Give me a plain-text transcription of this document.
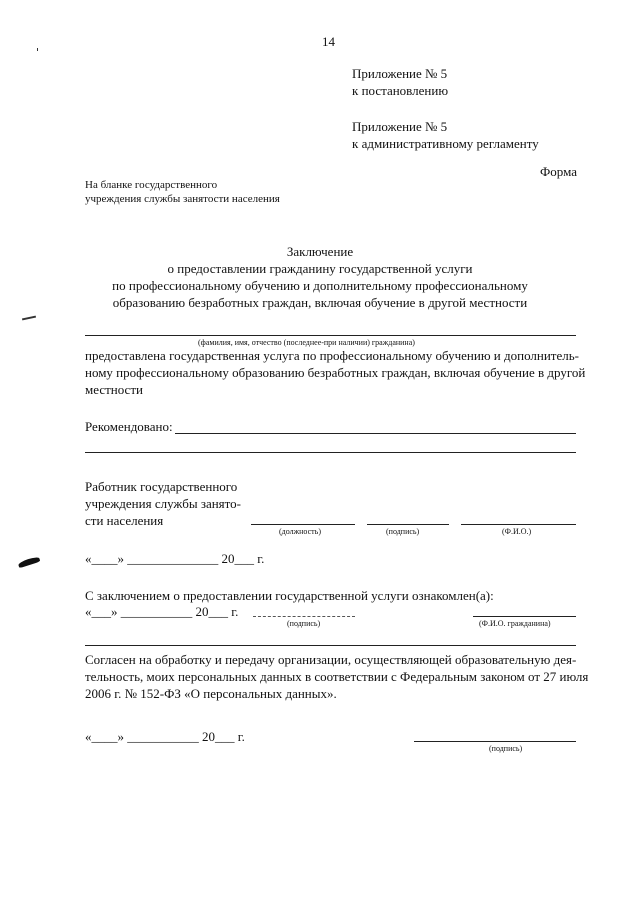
14
Приложение № 5
к постановлению
Приложение № 5
к административному регламенту
Форма
На бланке государственного
учреждения службы занятости населения
Заключение
о предоставлении гражданину государственной услуги
по профессиональному обучению и дополнительному профессиональному
образованию безработных граждан, включая обучение в другой местности
(фамилия, имя, отчество (последнее-при наличии) гражданина)
предоставлена государственная услуга по профессиональному обучению и дополнитель-
ному профессиональному образованию безработных граждан, включая обучение в другой
местности
Рекомендовано:
Работник государственного
учреждения службы занято-
сти населения
(должность)	(подпись)	(Ф.И.О.)
«____» ______________ 20___ г.
С заключением о предоставлении государственной услуги ознакомлен(а):
«___» ___________ 20___ г.
(подпись)	(Ф.И.О. гражданина)
Согласен на обработку и передачу организации, осуществляющей образовательную дея-
тельность, моих персональных данных в соответствии с Федеральным законом от 27 июля
2006 г. № 152-ФЗ «О персональных данных».
«____» ___________ 20___ г.
(подпись)
